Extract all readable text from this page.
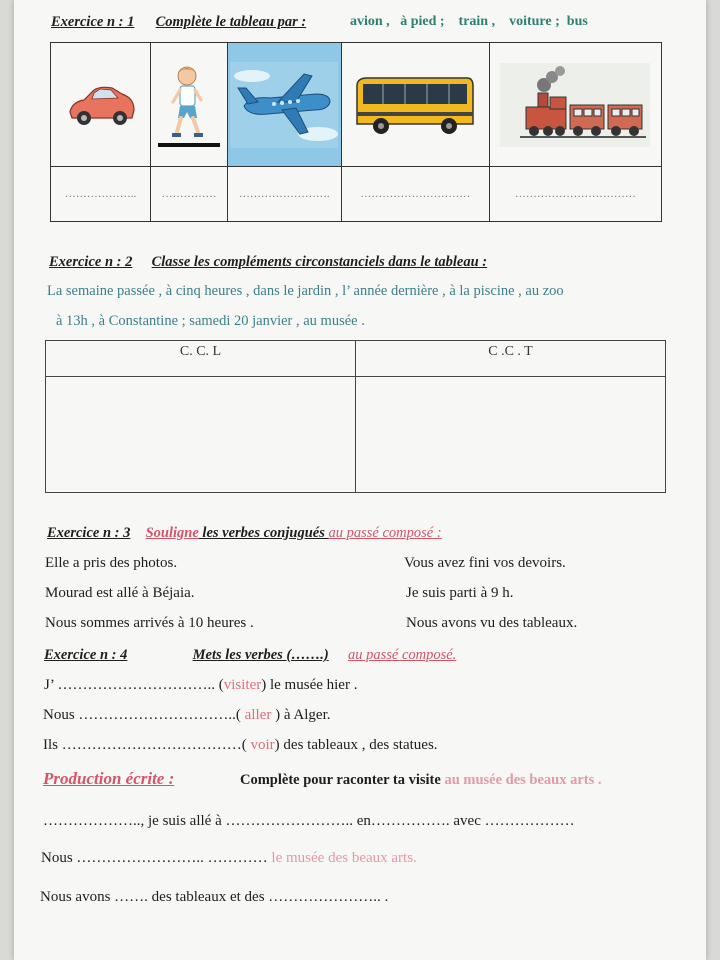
Exercice n : 1 Complète le tableau par :	avion , à pied ; train , voiture ; bus

………………..	……………	…………………….	…………………………	……………………………
Exercice n : 2 Classe les compléments circonstanciels dans le tableau :
La semaine passée , à cinq heures , dans le jardin , l’ année dernière , à la piscine , au zoo
à 13h , à Constantine ; samedi 20 janvier , au musée .
C. C. L	C .C . T

Exercice n : 3 Souligne les verbes conjugués au passé composé :
Elle a pris des photos.
Mourad est allé à Béjaia.
Nous sommes arrivés à 10 heures .
Vous avez fini vos devoirs.
Je suis parti à 9 h.
Nous avons vu des tableaux.
Exercice n : 4	Mets les verbes (…….) au passé composé.
J’ ………………………….. (visiter) le musée hier .
Nous …………………………..( aller ) à Alger.
Ils ………………………………( voir) des tableaux , des statues.
Production écrite :	Complète pour raconter ta visite au musée des beaux arts .
……………….., je suis allé à …………………….. en……………. avec ………………
Nous …………………….. ………… le musée des beaux arts.
Nous avons ……. des tableaux et des ………………….. .
